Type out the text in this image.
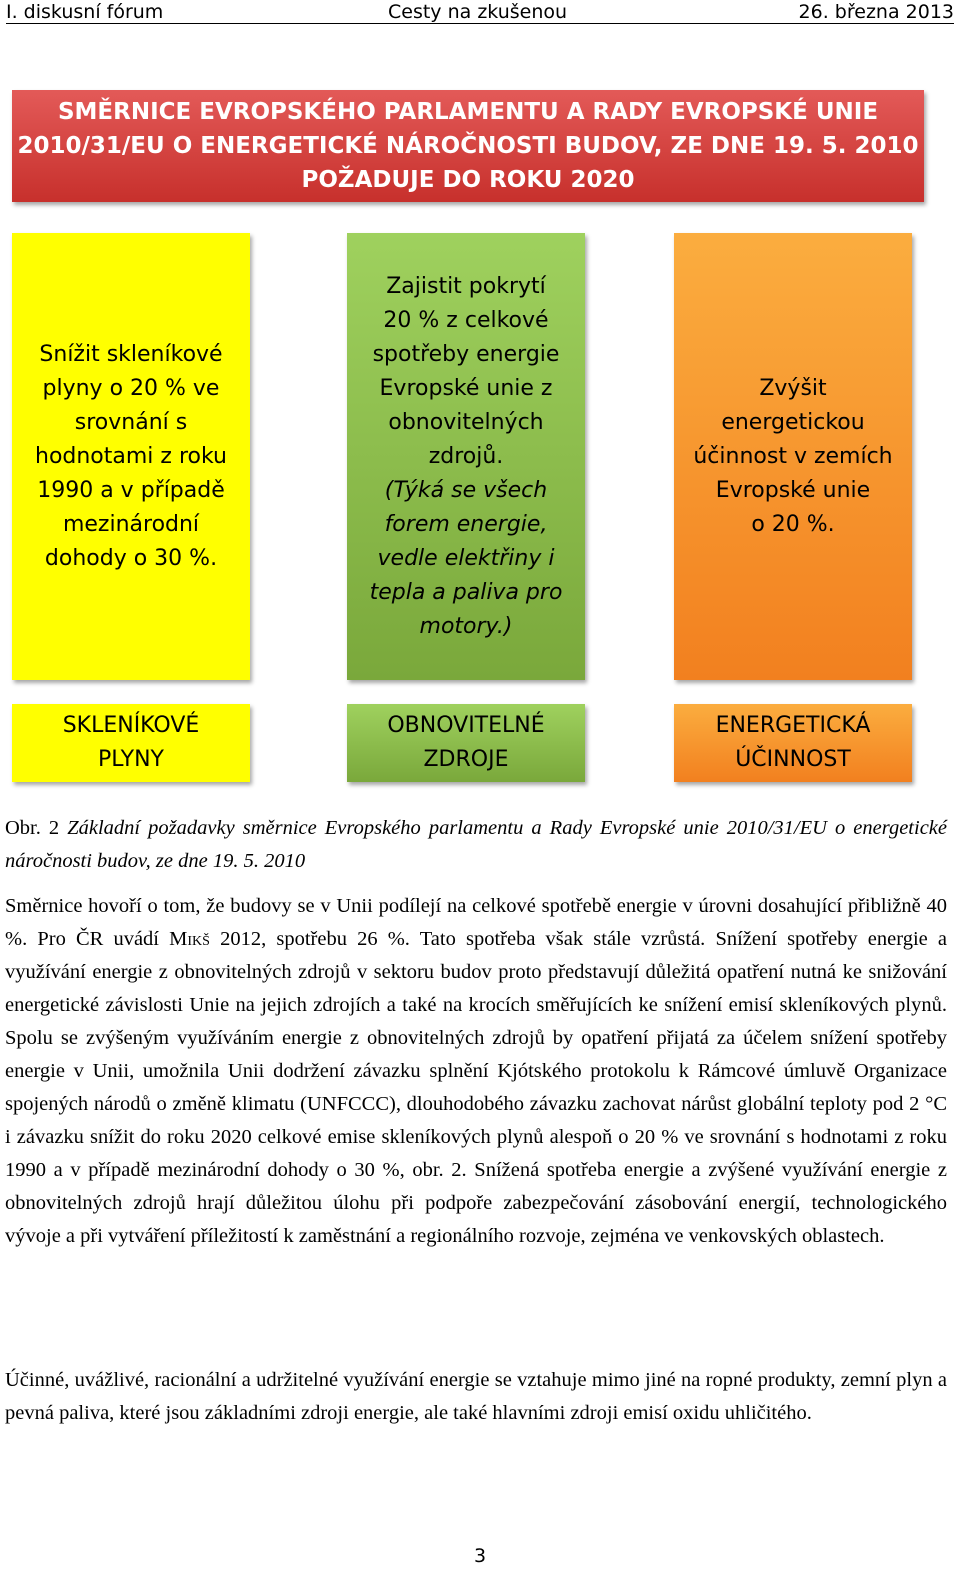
I. diskusní fórum	Cesty na zkušenou	26. března 2013
SMĚRNICE EVROPSKÉHO PARLAMENTU A RADY EVROPSKÉ UNIE
2010/31/EU O ENERGETICKÉ NÁROČNOSTI BUDOV, ZE DNE 19. 5. 2010
POŽADUJE DO ROKU 2020
Snížit skleníkové
plyny o 20 % ve
srovnání s
hodnotami z roku
1990 a v případě
mezinárodní
dohody o 30 %.
Zajistit pokrytí
20 % z celkové
spotřeby energie
Evropské unie z
obnovitelných
zdrojů.
(Týká se všech
forem energie,
vedle elektřiny i
tepla a paliva pro
motory.)
Zvýšit
energetickou
účinnost v zemích
Evropské unie
o 20 %.
SKLENÍKOVÉ
PLYNY
OBNOVITELNÉ
ZDROJE
ENERGETICKÁ
ÚČINNOST

Obr. 2 Základní požadavky směrnice Evropského parlamentu a Rady Evropské unie 2010/31/EU o energetické náročnosti budov, ze dne 19. 5. 2010

Směrnice hovoří o tom, že budovy se v Unii podílejí na celkové spotřebě energie v úrovni dosahující přibližně 40 %. Pro ČR uvádí Mikš 2012, spotřebu 26 %. Tato spotřeba však stále vzrůstá. Snížení spotřeby energie a využívání energie z obnovitelných zdrojů v sektoru budov proto představují důležitá opatření nutná ke snižování energetické závislosti Unie na jejich zdrojích a také na krocích směřujících ke snížení emisí skleníkových plynů. Spolu se zvýšeným využíváním energie z obnovitelných zdrojů by opatření přijatá za účelem snížení spotřeby energie v Unii, umožnila Unii dodržení závazku splnění Kjótského protokolu k Rámcové úmluvě Organizace spojených národů o změně klimatu (UNFCCC), dlouhodobého závazku zachovat nárůst globální teploty pod 2 °C i závazku snížit do roku 2020 celkové emise skleníkových plynů alespoň o 20 % ve srovnání s hodnotami z roku 1990 a v případě mezinárodní dohody o 30 %, obr. 2. Snížená spotřeba energie a zvýšené využívání energie z obnovitelných zdrojů hrají důležitou úlohu při podpoře zabezpečování zásobování energií, technologického vývoje a při vytváření příležitostí k zaměstnání a regionálního rozvoje, zejména ve venkovských oblastech.

Účinné, uvážlivé, racionální a udržitelné využívání energie se vztahuje mimo jiné na ropné produkty, zemní plyn a pevná paliva, které jsou základními zdroji energie, ale také hlavními zdroji emisí oxidu uhličitého.

3
